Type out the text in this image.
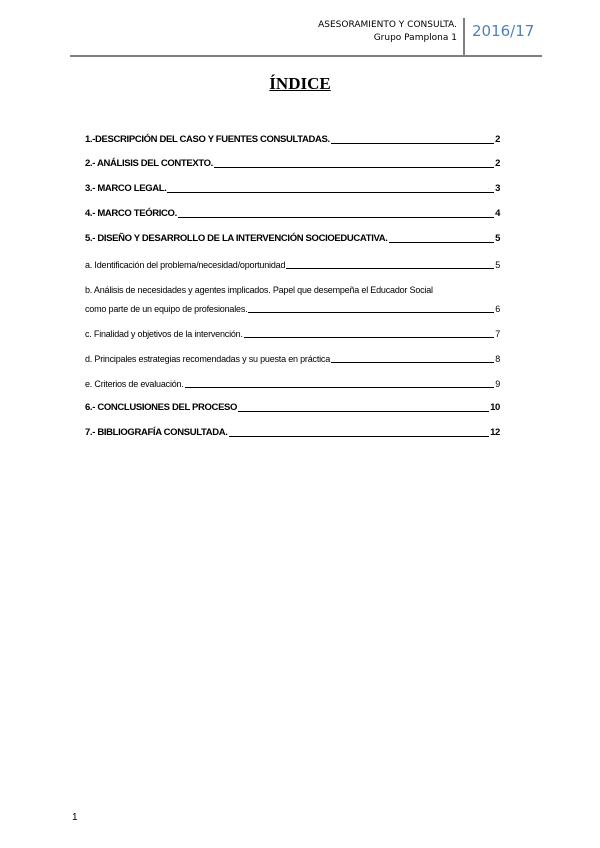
ASESORAMIENTO Y CONSULTA.
Grupo Pamplona 1 2016/17
ÍNDICE
1.-DESCRIPCIÓN DEL CASO Y FUENTES CONSULTADAS.	2
2.- ANÁLISIS DEL CONTEXTO.	2
3.- MARCO LEGAL.	3
4.- MARCO TEÓRICO.	4
5.- DISEÑO Y DESARROLLO DE LA INTERVENCIÓN SOCIOEDUCATIVA.	5
a. Identificación del problema/necesidad/oportunidad	5
b. Análisis de necesidades y agentes implicados. Papel que desempeña el Educador Social
como parte de un equipo de profesionales.	6
c. Finalidad y objetivos de la intervención.	7
d. Principales estrategias recomendadas y su puesta en práctica	8
e. Criterios de evaluación.	9
6.- CONCLUSIONES DEL PROCESO	10
7.- BIBLIOGRAFÍA CONSULTADA.	12
1
